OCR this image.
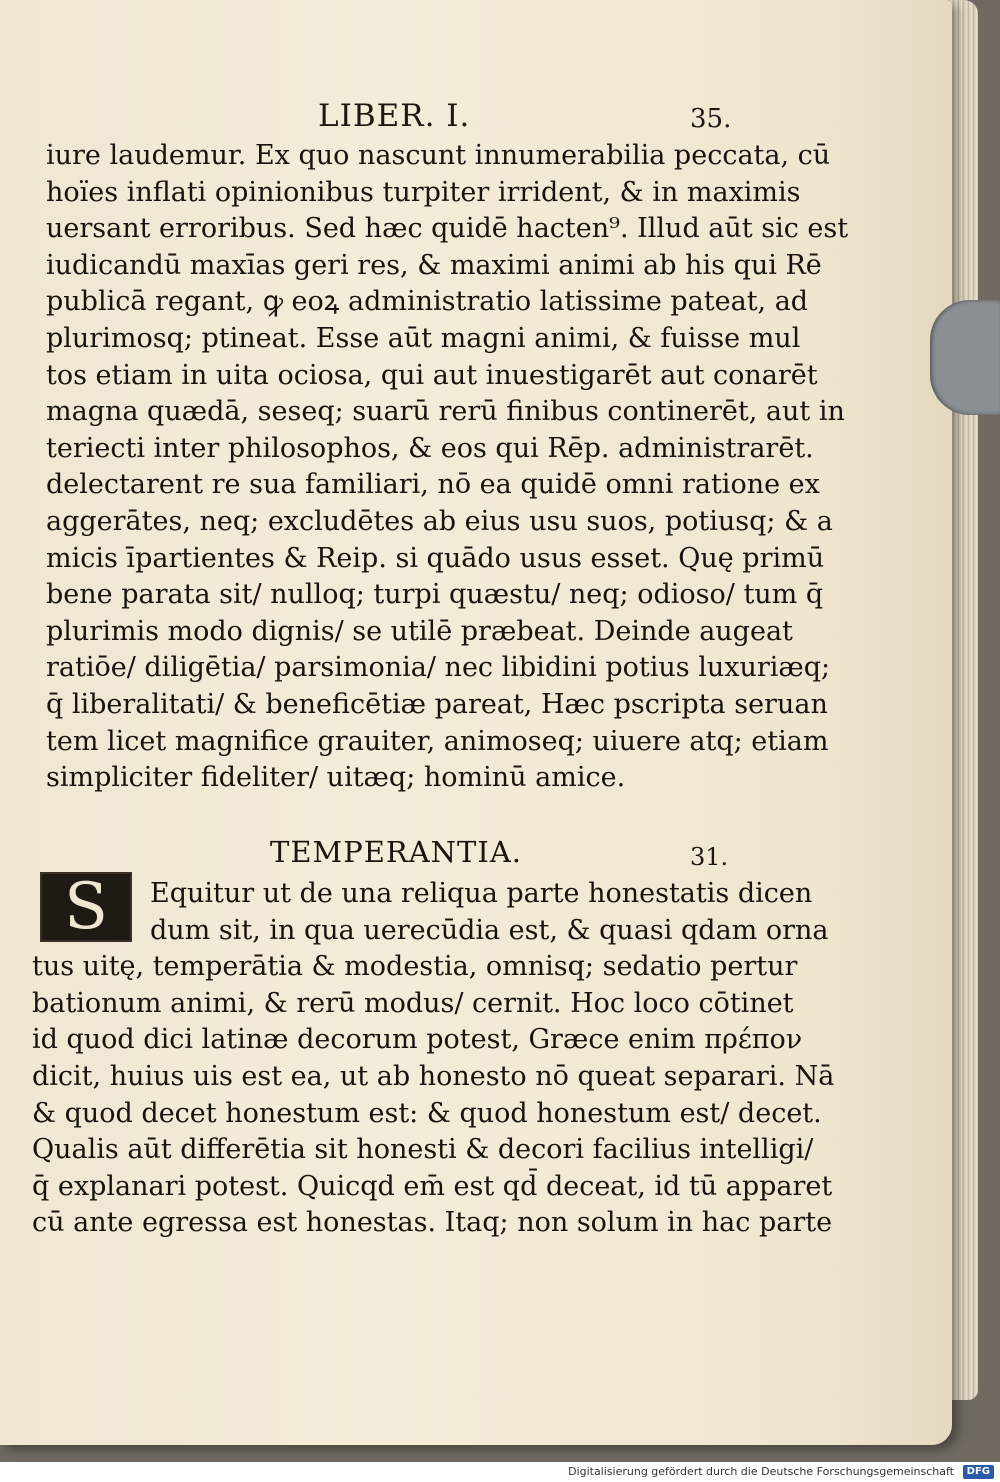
LIBER. I.	35.
iure laudemur. Ex quo nascunt innumerabilia peccata, cū
hoïes inflati opinionibus turpiter irrident, & in maximis
uersant erroribus. Sed hæc quidē hacten⁹. Illud aūt sic est
iudicandū maxīas geri res, & maximi animi ab his qui Rē
publicā regant, ꝙ eoꝝ administratio latissime pateat, ad
plurimosq; ptineat. Esse aūt magni animi, & fuisse mul
tos etiam in uita ociosa, qui aut inuestigarēt aut conarēt
magna quædā, seseq; suarū rerū finibus continerēt, aut in
teriecti inter philosophos, & eos qui Rēp. administrarēt.
delectarent re sua familiari, nō ea quidē omni ratione ex
aggerātes, neq; excludētes ab eius usu suos, potiusq; & a
micis īpartientes & Reip. si quādo usus esset. Quę primū
bene parata sit/ nulloq; turpi quæstu/ neq; odioso/ tum q̄
plurimis modo dignis/ se utilē præbeat. Deinde augeat
ratiōe/ diligētia/ parsimonia/ nec libidini potius luxuriæq;
q̄ liberalitati/ & beneficētiæ pareat, Hæc pscripta seruan
tem licet magnifice grauiter, animoseq; uiuere atq; etiam
simpliciter fideliter/ uitæq; hominū amice.
TEMPERANTIA.	31.
S	Equitur ut de una reliqua parte honestatis dicen
dum sit, in qua uerecūdia est, & quasi qdam orna
tus uitę, temperātia & modestia, omnisq; sedatio pertur
bationum animi, & rerū modus/ cernit. Hoc loco cōtinet
id quod dici latinæ decorum potest, Græce enim πρέπον
dicit, huius uis est ea, ut ab honesto nō queat separari. Nā
& quod decet honestum est: & quod honestum est/ decet.
Qualis aūt differētia sit honesti & decori facilius intelligi/
q̄ explanari potest. Quicqd em̄ est qd̄ deceat, id tū apparet
cū ante egressa est honestas. Itaq; non solum in hac parte
Digitalisierung gefördert durch die Deutsche Forschungsgemeinschaft	DFG
